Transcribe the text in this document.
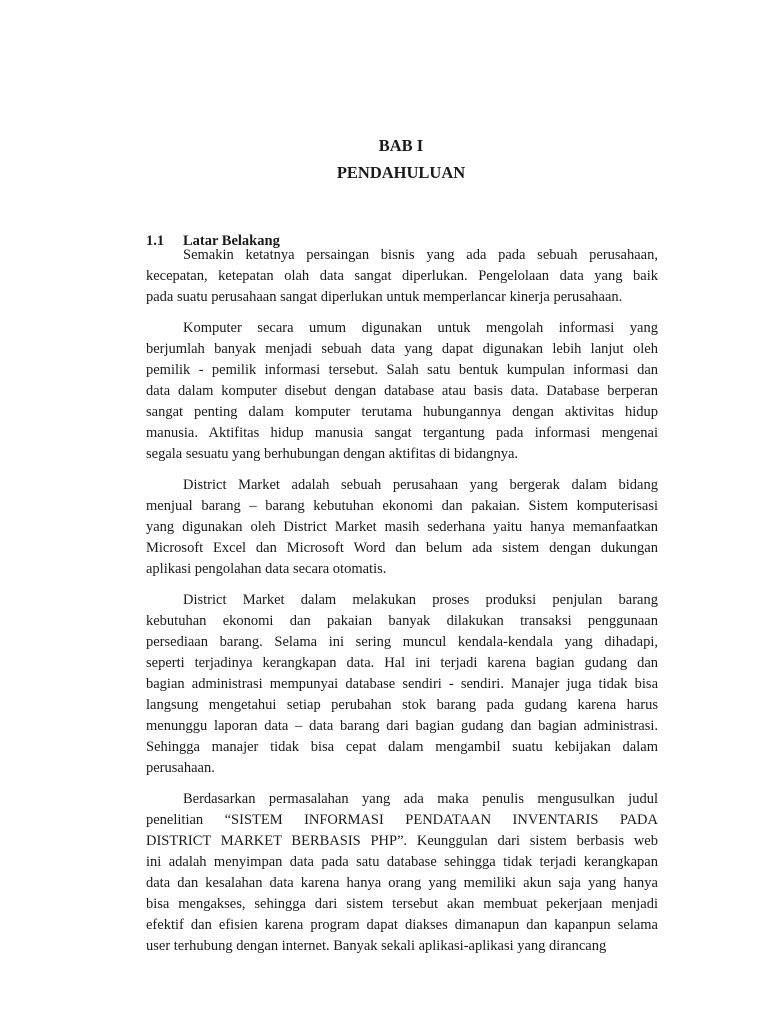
BAB I
PENDAHULUAN
1.1 Latar Belakang
Semakin ketatnya persaingan bisnis yang ada pada sebuah perusahaan,
kecepatan, ketepatan olah data sangat diperlukan. Pengelolaan data yang baik
pada suatu perusahaan sangat diperlukan untuk memperlancar kinerja perusahaan.
Komputer secara umum digunakan untuk mengolah informasi yang
berjumlah banyak menjadi sebuah data yang dapat digunakan lebih lanjut oleh
pemilik - pemilik informasi tersebut. Salah satu bentuk kumpulan informasi dan
data dalam komputer disebut dengan database atau basis data. Database berperan
sangat penting dalam komputer terutama hubungannya dengan aktivitas hidup
manusia. Aktifitas hidup manusia sangat tergantung pada informasi mengenai
segala sesuatu yang berhubungan dengan aktifitas di bidangnya.
District Market adalah sebuah perusahaan yang bergerak dalam bidang
menjual barang – barang kebutuhan ekonomi dan pakaian. Sistem komputerisasi
yang digunakan oleh District Market masih sederhana yaitu hanya memanfaatkan
Microsoft Excel dan Microsoft Word dan belum ada sistem dengan dukungan
aplikasi pengolahan data secara otomatis.
District Market dalam melakukan proses produksi penjulan barang
kebutuhan ekonomi dan pakaian banyak dilakukan transaksi penggunaan
persediaan barang. Selama ini sering muncul kendala-kendala yang dihadapi,
seperti terjadinya kerangkapan data. Hal ini terjadi karena bagian gudang dan
bagian administrasi mempunyai database sendiri - sendiri. Manajer juga tidak bisa
langsung mengetahui setiap perubahan stok barang pada gudang karena harus
menunggu laporan data – data barang dari bagian gudang dan bagian administrasi.
Sehingga manajer tidak bisa cepat dalam mengambil suatu kebijakan dalam
perusahaan.
Berdasarkan permasalahan yang ada maka penulis mengusulkan judul
penelitian “SISTEM INFORMASI PENDATAAN INVENTARIS PADA
DISTRICT MARKET BERBASIS PHP”. Keunggulan dari sistem berbasis web
ini adalah menyimpan data pada satu database sehingga tidak terjadi kerangkapan
data dan kesalahan data karena hanya orang yang memiliki akun saja yang hanya
bisa mengakses, sehingga dari sistem tersebut akan membuat pekerjaan menjadi
efektif dan efisien karena program dapat diakses dimanapun dan kapanpun selama
user terhubung dengan internet. Banyak sekali aplikasi-aplikasi yang dirancang
